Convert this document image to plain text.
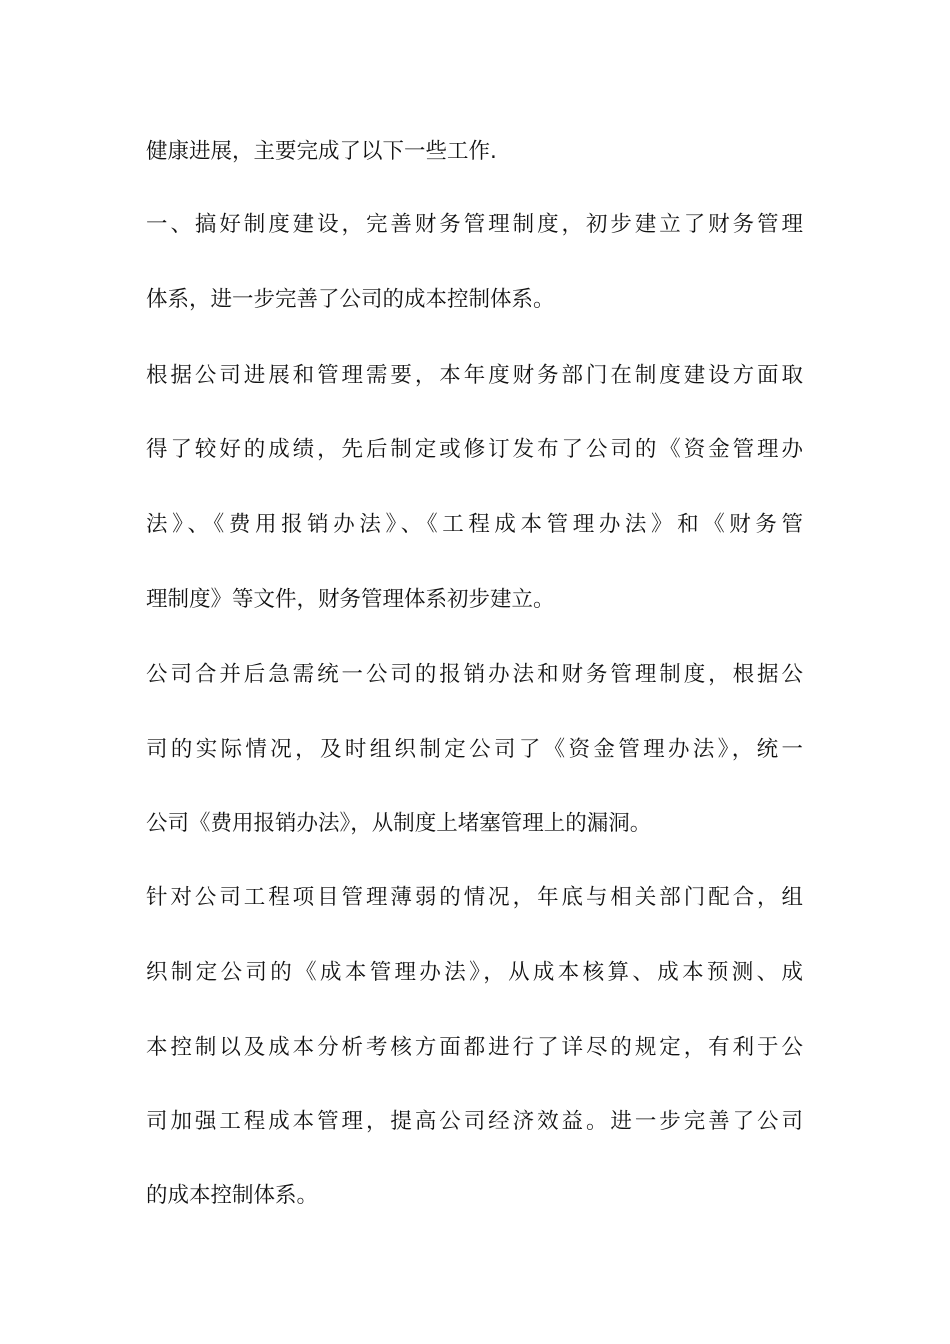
健康进展，主要完成了以下一些工作.
一、搞好制度建设，完善财务管理制度，初步建立了财务管理
体系，进一步完善了公司的成本控制体系。
根据公司进展和管理需要，本年度财务部门在制度建设方面取
得了较好的成绩，先后制定或修订发布了公司的《资金管理办
法》、《费用报销办法》、《工程成本管理办法》和《财务管
理制度》等文件，财务管理体系初步建立。
公司合并后急需统一公司的报销办法和财务管理制度，根据公
司的实际情况，及时组织制定公司了《资金管理办法》，统一
公司《费用报销办法》，从制度上堵塞管理上的漏洞。
针对公司工程项目管理薄弱的情况，年底与相关部门配合，组
织制定公司的《成本管理办法》，从成本核算、成本预测、成
本控制以及成本分析考核方面都进行了详尽的规定，有利于公
司加强工程成本管理，提高公司经济效益。进一步完善了公司
的成本控制体系。
